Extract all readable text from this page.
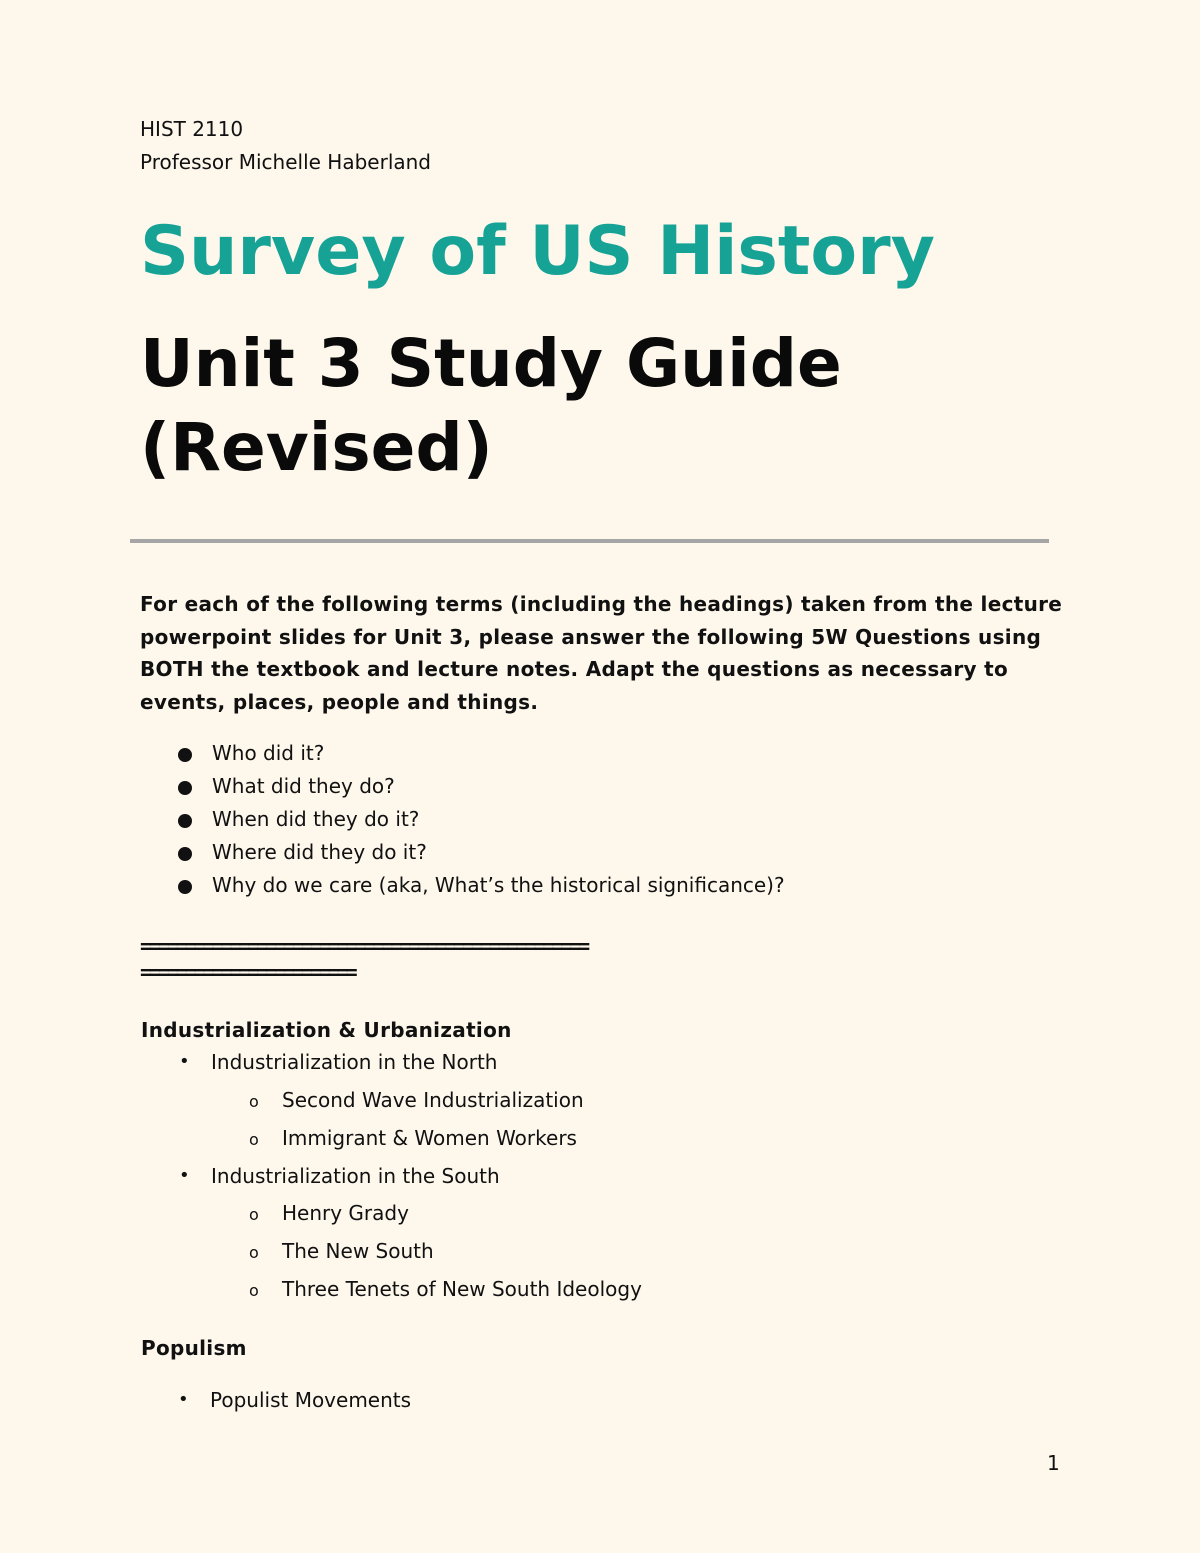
HIST 2110
Professor Michelle Haberland
Survey of US History
Unit 3 Study Guide
(Revised)
For each of the following terms (including the headings) taken from the lecture powerpoint slides for Unit 3, please answer the following 5W Questions using BOTH the textbook and lecture notes. Adapt the questions as necessary to events, places, people and things.
Who did it?
What did they do?
When did they do it?
Where did they do it?
Why do we care (aka, What’s the historical significance)?
==================================================
========================
Industrialization & Urbanization
• Industrialization in the North
o Second Wave Industrialization
o Immigrant & Women Workers
• Industrialization in the South
o Henry Grady
o The New South
o Three Tenets of New South Ideology
Populism
• Populist Movements
1
